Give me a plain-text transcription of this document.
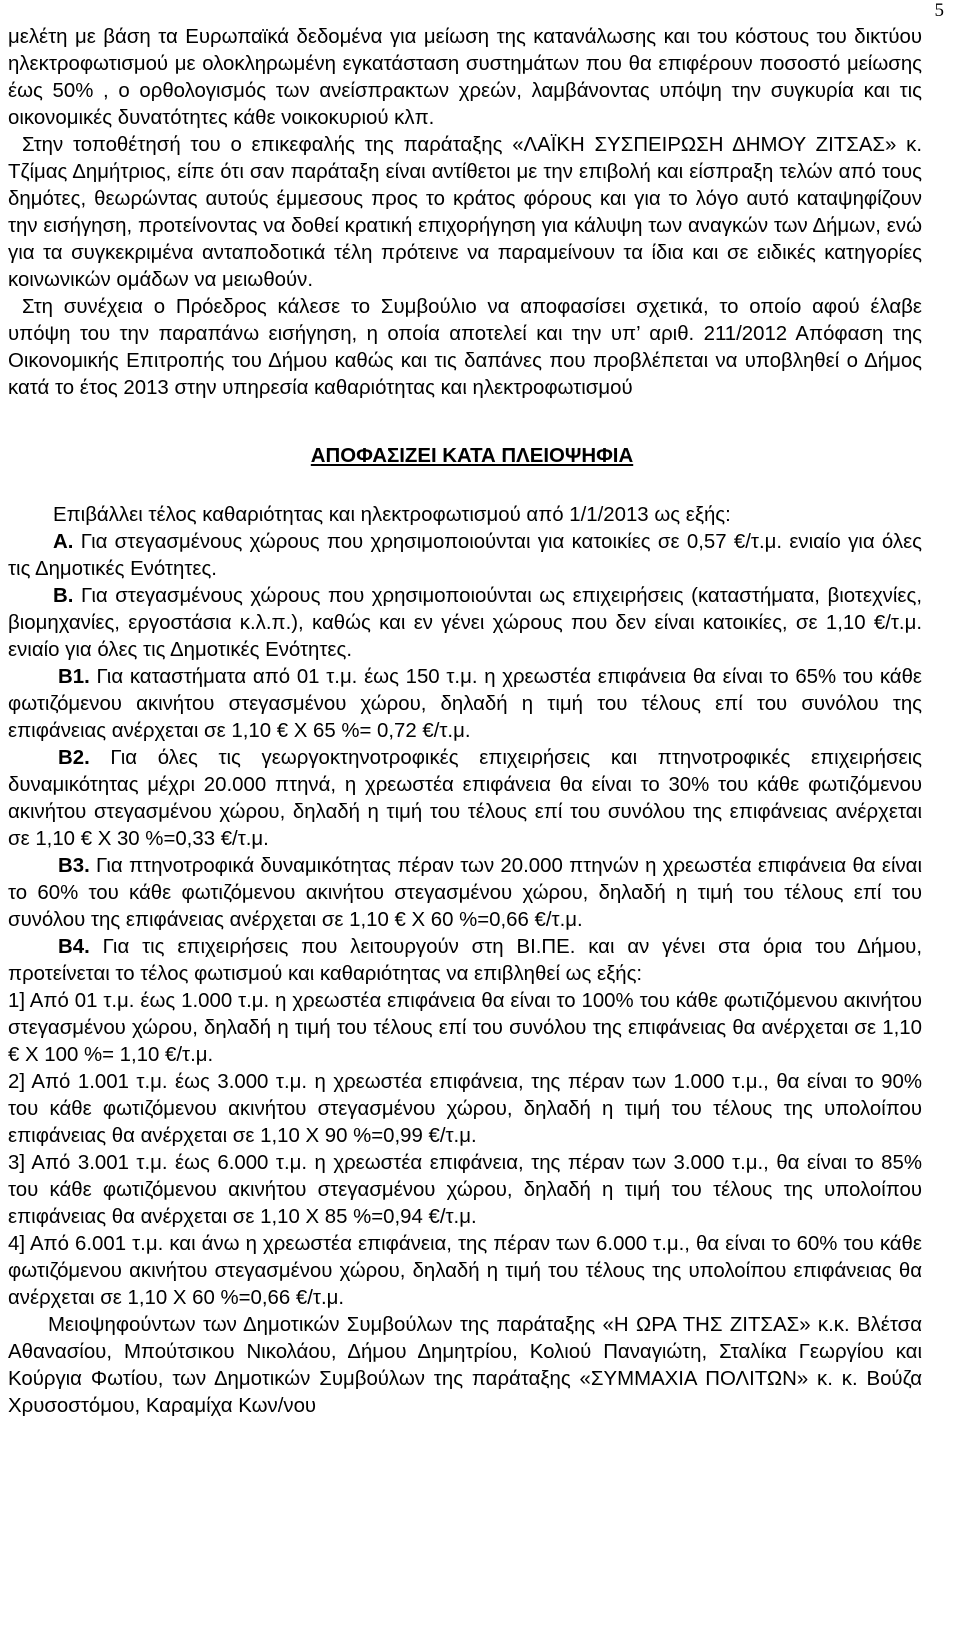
5

μελέτη με βάση τα Ευρωπαϊκά δεδομένα για μείωση της κατανάλωσης και του κόστους του δικτύου ηλεκτροφωτισμού με ολοκληρωμένη εγκατάσταση συστημάτων που θα επιφέρουν ποσοστό μείωσης έως 50% , ο ορθολογισμός των ανείσπρακτων χρεών, λαμβάνοντας υπόψη την συγκυρία και τις οικονομικές δυνατότητες κάθε νοικοκυριού κλπ.

Στην τοποθέτησή του ο επικεφαλής της παράταξης «ΛΑΪΚΗ ΣΥΣΠΕΙΡΩΣΗ ΔΗΜΟΥ ΖΙΤΣΑΣ» κ. Τζίμας Δημήτριος, είπε ότι σαν παράταξη είναι αντίθετοι με την επιβολή και είσπραξη τελών από τους δημότες, θεωρώντας αυτούς έμμεσους προς το κράτος φόρους και για το λόγο αυτό καταψηφίζουν την εισήγηση, προτείνοντας να δοθεί κρατική επιχορήγηση για κάλυψη των αναγκών των Δήμων, ενώ για τα συγκεκριμένα ανταποδοτικά τέλη πρότεινε να παραμείνουν τα ίδια και σε ειδικές κατηγορίες κοινωνικών ομάδων να μειωθούν.

Στη συνέχεια ο Πρόεδρος κάλεσε το Συμβούλιο να αποφασίσει σχετικά, το οποίο αφού έλαβε υπόψη του την παραπάνω εισήγηση, η οποία αποτελεί και την υπ’ αριθ. 211/2012 Απόφαση της Οικονομικής Επιτροπής του Δήμου καθώς και τις δαπάνες που προβλέπεται να υποβληθεί ο Δήμος κατά το έτος 2013 στην υπηρεσία καθαριότητας και ηλεκτροφωτισμού

ΑΠΟΦΑΣΙΖΕΙ ΚΑΤΑ ΠΛΕΙΟΨΗΦΙΑ

Επιβάλλει τέλος καθαριότητας και ηλεκτροφωτισμού από 1/1/2013 ως εξής:

Α. Για στεγασμένους χώρους που χρησιμοποιούνται για κατοικίες σε 0,57 €/τ.μ. ενιαίο για όλες τις Δημοτικές Ενότητες.

Β. Για στεγασμένους χώρους που χρησιμοποιούνται ως επιχειρήσεις (καταστήματα, βιοτεχνίες, βιομηχανίες, εργοστάσια κ.λ.π.), καθώς και εν γένει χώρους που δεν είναι κατοικίες, σε 1,10 €/τ.μ. ενιαίο για όλες τις Δημοτικές Ενότητες.

Β1. Για καταστήματα από 01 τ.μ. έως 150 τ.μ. η χρεωστέα επιφάνεια θα είναι το 65% του κάθε φωτιζόμενου ακινήτου στεγασμένου χώρου, δηλαδή η τιμή του τέλους επί του συνόλου της επιφάνειας ανέρχεται σε 1,10 € Χ 65 %= 0,72 €/τ.μ.

Β2. Για όλες τις γεωργοκτηνοτροφικές επιχειρήσεις και πτηνοτροφικές επιχειρήσεις δυναμικότητας μέχρι 20.000 πτηνά, η χρεωστέα επιφάνεια θα είναι το 30% του κάθε φωτιζόμενου ακινήτου στεγασμένου χώρου, δηλαδή η τιμή του τέλους επί του συνόλου της επιφάνειας ανέρχεται σε 1,10 € Χ 30 %=0,33 €/τ.μ.

Β3. Για πτηνοτροφικά δυναμικότητας πέραν των 20.000 πτηνών η χρεωστέα επιφάνεια θα είναι το 60% του κάθε φωτιζόμενου ακινήτου στεγασμένου χώρου, δηλαδή η τιμή του τέλους επί του συνόλου της επιφάνειας ανέρχεται σε 1,10 € Χ 60 %=0,66 €/τ.μ.

Β4. Για τις επιχειρήσεις που λειτουργούν στη ΒΙ.ΠΕ. και αν γένει στα όρια του Δήμου, προτείνεται το τέλος φωτισμού και καθαριότητας να επιβληθεί ως εξής:

1] Από 01 τ.μ. έως 1.000 τ.μ. η χρεωστέα επιφάνεια θα είναι το 100% του κάθε φωτιζόμενου ακινήτου στεγασμένου χώρου, δηλαδή η τιμή του τέλους επί του συνόλου της επιφάνειας θα ανέρχεται σε 1,10 € Χ 100 %= 1,10 €/τ.μ.

2] Από 1.001 τ.μ. έως 3.000 τ.μ. η χρεωστέα επιφάνεια, της πέραν των 1.000 τ.μ., θα είναι το 90% του κάθε φωτιζόμενου ακινήτου στεγασμένου χώρου, δηλαδή η τιμή του τέλους της υπολοίπου επιφάνειας θα ανέρχεται σε 1,10 Χ 90 %=0,99 €/τ.μ.

3] Από 3.001 τ.μ. έως 6.000 τ.μ. η χρεωστέα επιφάνεια, της πέραν των 3.000 τ.μ., θα είναι το 85% του κάθε φωτιζόμενου ακινήτου στεγασμένου χώρου, δηλαδή η τιμή του τέλους της υπολοίπου επιφάνειας θα ανέρχεται σε 1,10 Χ 85 %=0,94 €/τ.μ.

4] Από 6.001 τ.μ. και άνω η χρεωστέα επιφάνεια, της πέραν των 6.000 τ.μ., θα είναι το 60% του κάθε φωτιζόμενου ακινήτου στεγασμένου χώρου, δηλαδή η τιμή του τέλους της υπολοίπου επιφάνειας θα ανέρχεται σε 1,10 Χ 60 %=0,66 €/τ.μ.

Μειοψηφούντων των Δημοτικών Συμβούλων της παράταξης «Η ΩΡΑ ΤΗΣ ΖΙΤΣΑΣ» κ.κ. Βλέτσα Αθανασίου, Μπούτσικου Νικολάου, Δήμου Δημητρίου, Κολιού Παναγιώτη, Σταλίκα Γεωργίου και Κούργια Φωτίου, των Δημοτικών Συμβούλων της παράταξης «ΣΥΜΜΑΧΙΑ ΠΟΛΙΤΩΝ» κ. κ. Βούζα Χρυσοστόμου, Καραμίχα Κων/νου
